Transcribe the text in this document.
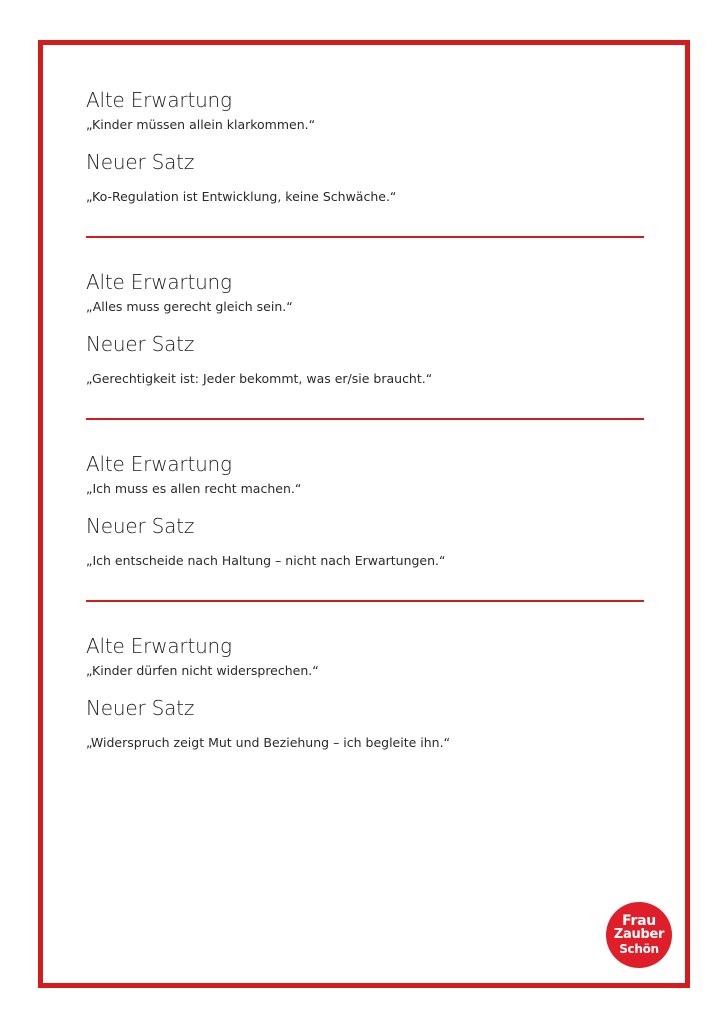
Alte Erwartung

„Kinder müssen allein klarkommen.“

Neuer Satz

„Ko-Regulation ist Entwicklung, keine Schwäche.“

Alte Erwartung

„Alles muss gerecht gleich sein.“

Neuer Satz

„Gerechtigkeit ist: Jeder bekommt, was er/sie braucht.“

Alte Erwartung

„Ich muss es allen recht machen.“

Neuer Satz

„Ich entscheide nach Haltung – nicht nach Erwartungen.“

Alte Erwartung

„Kinder dürfen nicht widersprechen.“

Neuer Satz

„Widerspruch zeigt Mut und Beziehung – ich begleite ihn.“

Frau
Zauber
Schön
